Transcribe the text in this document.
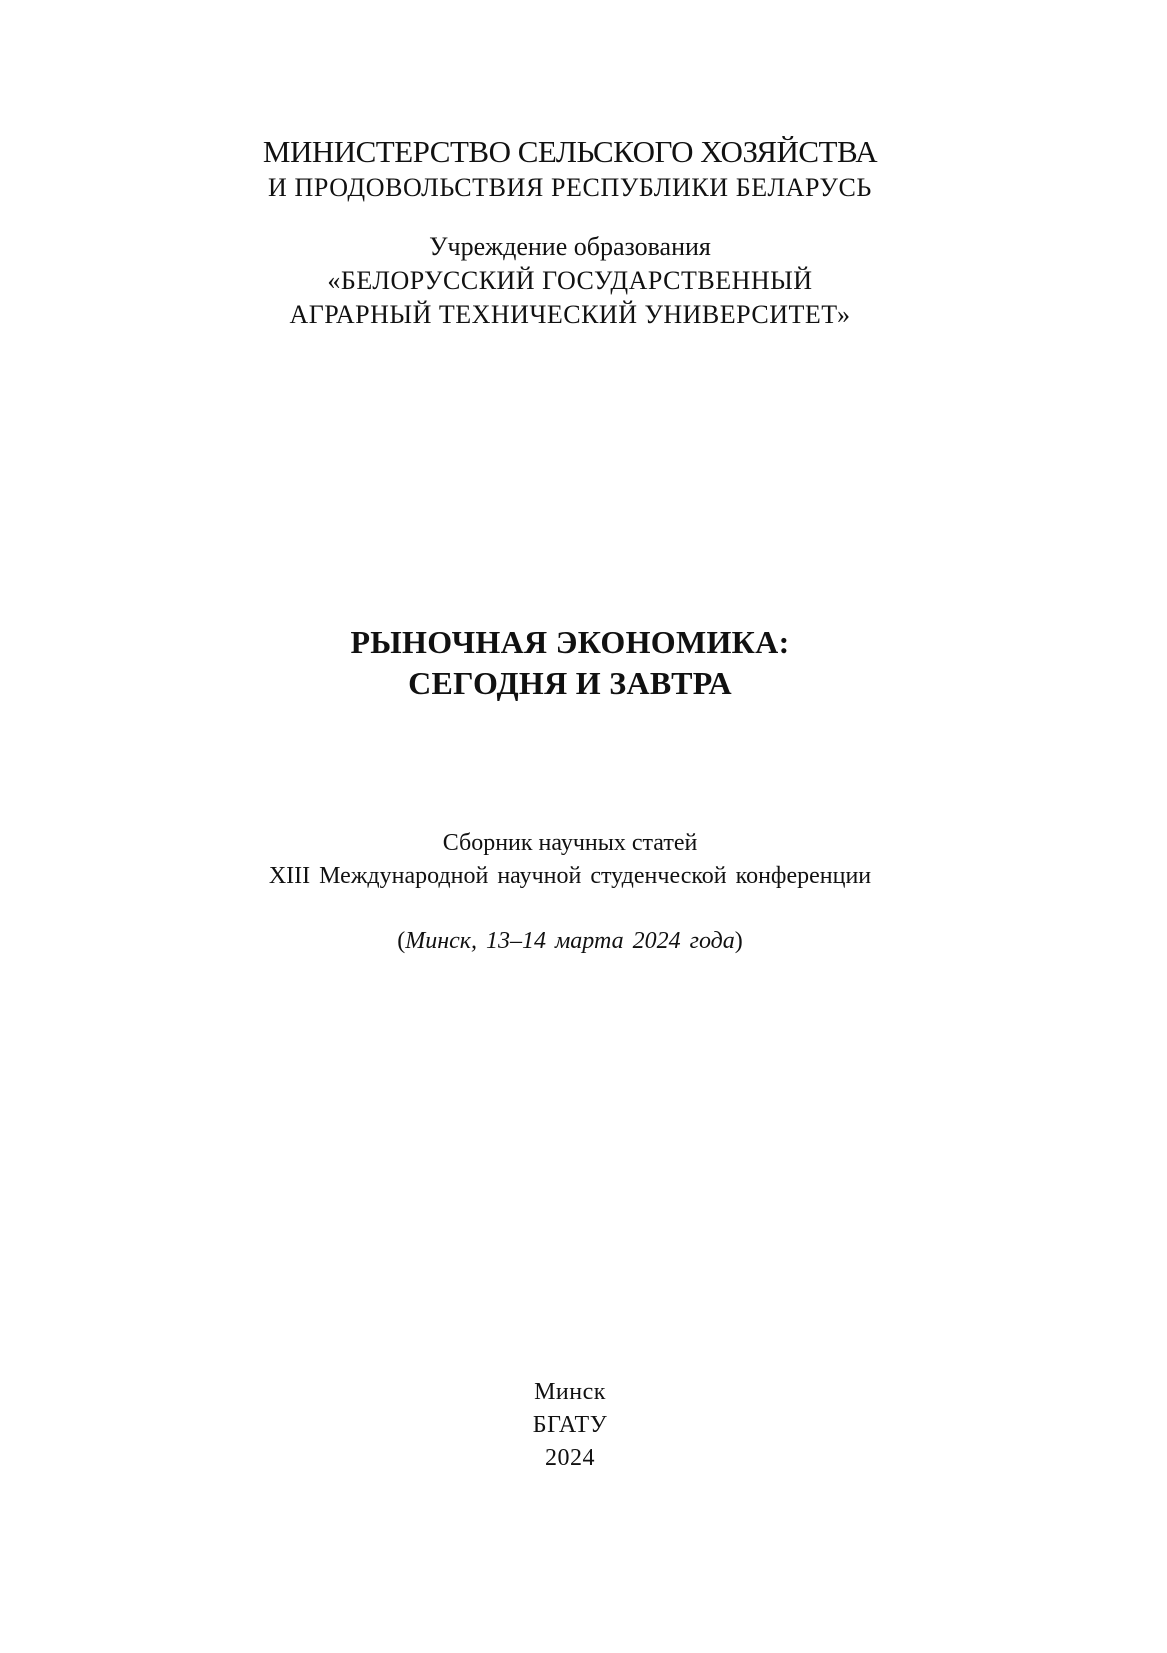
МИНИСТЕРСТВО СЕЛЬСКОГО ХОЗЯЙСТВА
И ПРОДОВОЛЬСТВИЯ РЕСПУБЛИКИ БЕЛАРУСЬ
Учреждение образования
«БЕЛОРУССКИЙ ГОСУДАРСТВЕННЫЙ
АГРАРНЫЙ ТЕХНИЧЕСКИЙ УНИВЕРСИТЕТ»
РЫНОЧНАЯ ЭКОНОМИКА:
СЕГОДНЯ И ЗАВТРА
Сборник научных статей
XIII Международной научной студенческой конференции
(Минск, 13–14 марта 2024 года)
Минск
БГАТУ
2024
